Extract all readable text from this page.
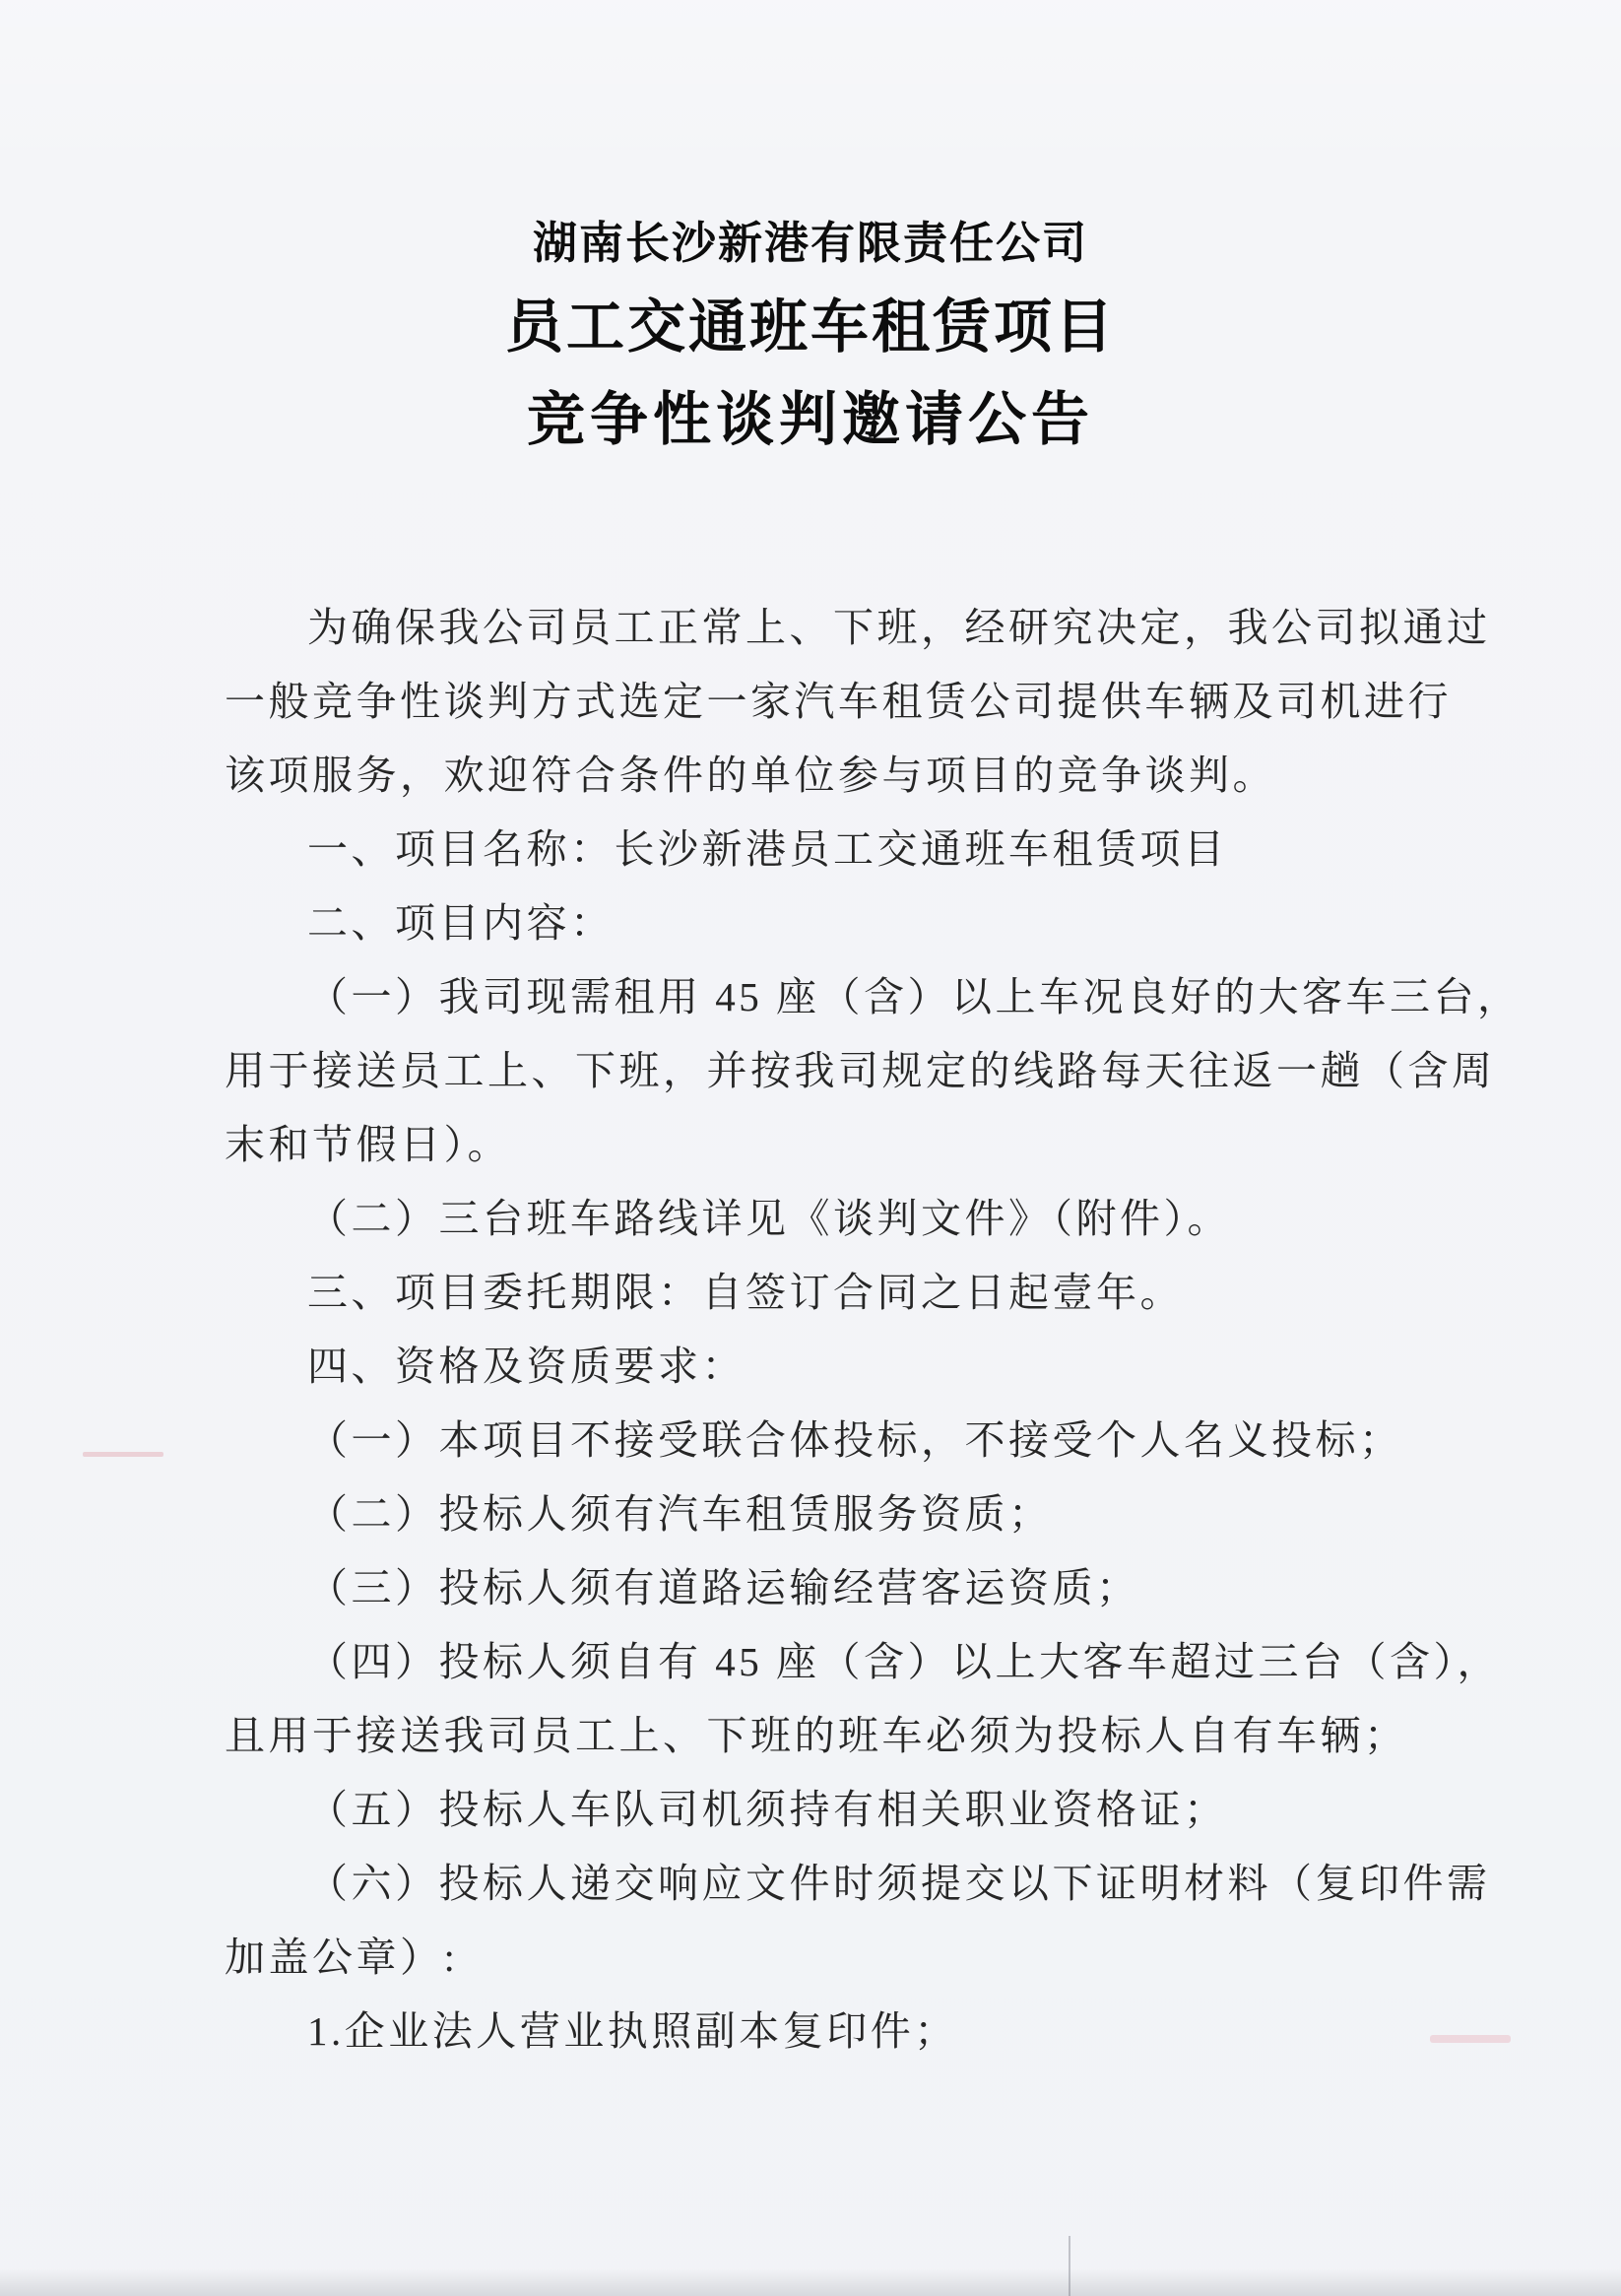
湖南长沙新港有限责任公司
员工交通班车租赁项目
竞争性谈判邀请公告
为确保我公司员工正常上、下班，经研究决定，我公司拟通过
一般竞争性谈判方式选定一家汽车租赁公司提供车辆及司机进行
该项服务，欢迎符合条件的单位参与项目的竞争谈判。
一、项目名称：长沙新港员工交通班车租赁项目
二、项目内容：
（一）我司现需租用 45 座（含）以上车况良好的大客车三台，
用于接送员工上、下班，并按我司规定的线路每天往返一趟（含周
末和节假日）。
（二）三台班车路线详见《谈判文件》（附件）。
三、项目委托期限：自签订合同之日起壹年。
四、资格及资质要求：
（一）本项目不接受联合体投标，不接受个人名义投标；
（二）投标人须有汽车租赁服务资质；
（三）投标人须有道路运输经营客运资质；
（四）投标人须自有 45 座（含）以上大客车超过三台（含），
且用于接送我司员工上、下班的班车必须为投标人自有车辆；
（五）投标人车队司机须持有相关职业资格证；
（六）投标人递交响应文件时须提交以下证明材料（复印件需
加盖公章）:
1.企业法人营业执照副本复印件；
